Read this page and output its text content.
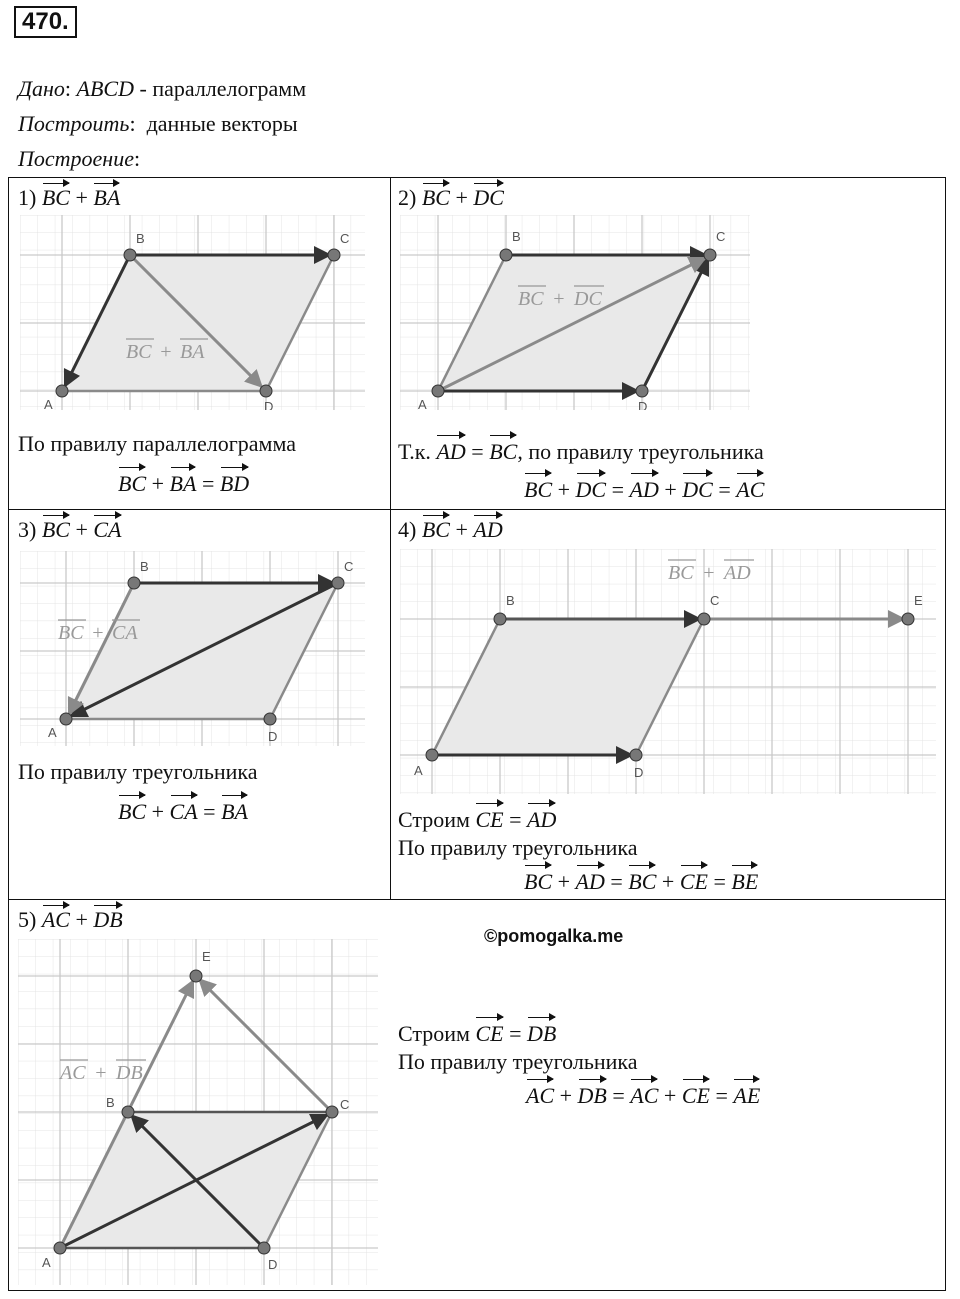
470.
Дано: ABCD - параллелограмм
Построить:  данные векторы
Построение:
1) BC + BA
B	C
A	D
BC + BA
По правилу параллелограмма
BC + BA = BD
2) BC + DC
B	C
A	D
BC + DC
Т.к. AD = BC, по правилу треугольника
BC + DC = AD + DC = AC
3) BC + CA
B	C
A	D
BC + CA
По правилу треугольника
BC + CA = BA
4) BC + AD
B	C	E
A	D
BC + AD
Строим CE = AD
По правилу треугольника
BC + AD = BC + CE = BE
5) AC + DB
B	C
E
A	D
AC + DB
Строим CE = DB
По правилу треугольника
AC + DB = AC + CE = AE
©pomogalka.me
